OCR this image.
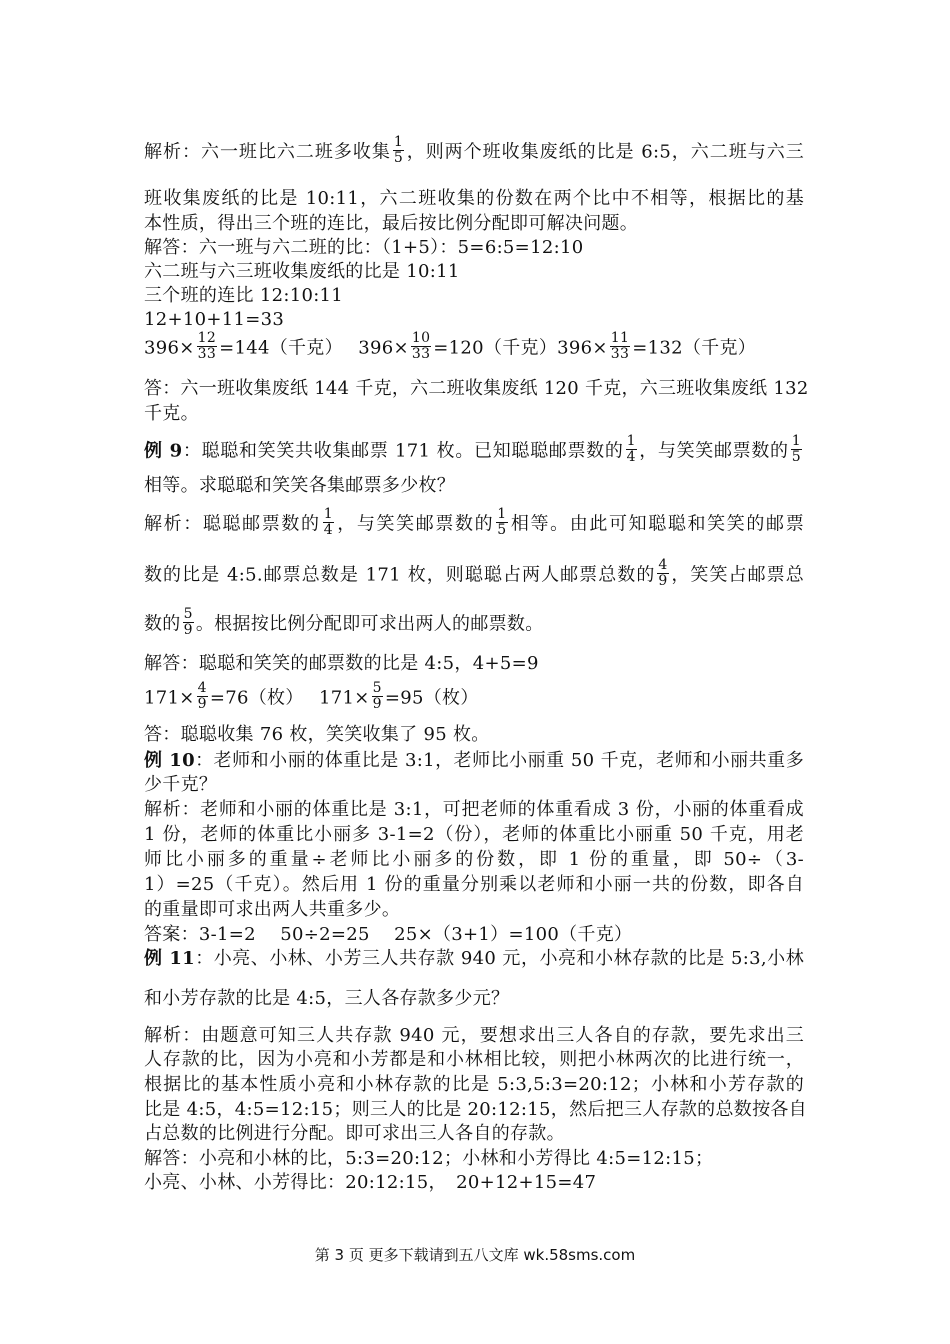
解析：六一班比六二班多收集 $\frac{1}{5}$ ，则两个班收集废纸的比是 6:5，六二班与六三
班收集废纸的比是 10:11，六二班收集的份数在两个比中不相等，根据比的基
本性质，得出三个班的连比，最后按比例分配即可解决问题。
解答：六一班与六二班的比：（1+5）：5=6:5=12:10
六二班与六三班收集废纸的比是 10:11
三个班的连比 12:10:11
12+10+11=33
$396\times \frac{12}{33} =144$（千克）　 $396\times \frac{10}{33} =120$（千克）$396\times \frac{11}{33} =132$（千克）
答：六一班收集废纸 144 千克，六二班收集废纸 120 千克，六三班收集废纸 132
千克。
例 9：聪聪和笑笑共收集邮票 171 枚。已知聪聪邮票数的 $\frac{1}{4}$ ，与笑笑邮票数的 $\frac{1}{5}$
相等。求聪聪和笑笑各集邮票多少枚？
解析：聪聪邮票数的 $\frac{1}{4}$ ，与笑笑邮票数的 $\frac{1}{5}$ 相等。由此可知聪聪和笑笑的邮票
数的比是 4:5.邮票总数是 171 枚，则聪聪占两人邮票总数的 $\frac{4}{9}$ ，笑笑占邮票总
数的 $\frac{5}{9}$ 。根据按比例分配即可求出两人的邮票数。
解答：聪聪和笑笑的邮票数的比是 4:5，4+5=9
$171\times \frac{4}{9} =76$（枚）　 $171\times \frac{5}{9} =95$（枚）
答：聪聪收集 76 枚，笑笑收集了 95 枚。
例 10：老师和小丽的体重比是 3:1，老师比小丽重 50 千克，老师和小丽共重多
少千克？
解析：老师和小丽的体重比是 3:1，可把老师的体重看成 3 份，小丽的体重看成
1 份，老师的体重比小丽多 3-1=2（份），老师的体重比小丽重 50 千克，用老
师比小丽多的重量÷老师比小丽多的份数，即 1 份的重量，即 50÷（3-
1）=25（千克）。然后用 1 份的重量分别乘以老师和小丽一共的份数，即各自
的重量即可求出两人共重多少。
答案：3-1=2　 50÷2=25　 25×（3+1）=100（千克）
例 11：小亮、小林、小芳三人共存款 940 元，小亮和小林存款的比是 5:3,小林
和小芳存款的比是 4:5，三人各存款多少元？
解析：由题意可知三人共存款 940 元，要想求出三人各自的存款，要先求出三
人存款的比，因为小亮和小芳都是和小林相比较，则把小林两次的比进行统一，
根据比的基本性质小亮和小林存款的比是 5:3,5:3=20:12；小林和小芳存款的
比是 4:5，4:5=12:15；则三人的比是 20:12:15，然后把三人存款的总数按各自
占总数的比例进行分配。即可求出三人各自的存款。
解答：小亮和小林的比，5:3=20:12；小林和小芳得比 4:5=12:15；
小亮、小林、小芳得比：20:12:15，　20+12+15=47
第 3 页 更多下载请到五八文库 wk.58sms.com
